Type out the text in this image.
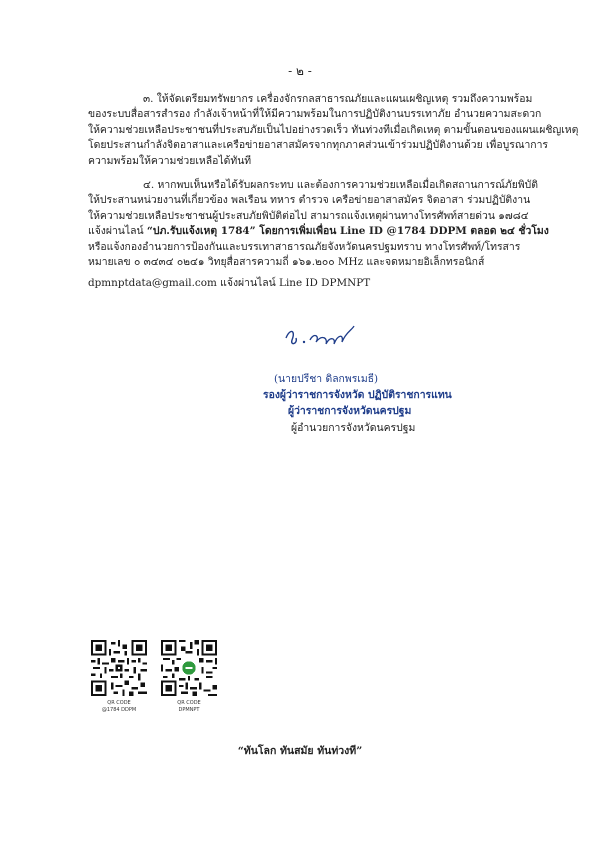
- ๒ -
๓. ให้จัดเตรียมทรัพยากร เครื่องจักรกลสาธารณภัยและแผนเผชิญเหตุ รวมถึงความพร้อม
ของระบบสื่อสารสำรอง กำลังเจ้าหน้าที่ให้มีความพร้อมในการปฏิบัติงานบรรเทาภัย อำนวยความสะดวก
ให้ความช่วยเหลือประชาชนที่ประสบภัยเป็นไปอย่างรวดเร็ว ทันท่วงทีเมื่อเกิดเหตุ ตามขั้นตอนของแผนเผชิญเหตุ
โดยประสานกำลังจิตอาสาและเครือข่ายอาสาสมัครจากทุกภาคส่วนเข้าร่วมปฏิบัติงานด้วย เพื่อบูรณาการ
ความพร้อมให้ความช่วยเหลือได้ทันที
๔. หากพบเห็นหรือได้รับผลกระทบ และต้องการความช่วยเหลือเมื่อเกิดสถานการณ์ภัยพิบัติ
ให้ประสานหน่วยงานที่เกี่ยวข้อง พลเรือน ทหาร ตำรวจ เครือข่ายอาสาสมัคร จิตอาสา ร่วมปฏิบัติงาน
ให้ความช่วยเหลือประชาชนผู้ประสบภัยพิบัติต่อไป สามารถแจ้งเหตุผ่านทางโทรศัพท์สายด่วน ๑๗๘๔
แจ้งผ่านไลน์ “ปภ.รับแจ้งเหตุ 1784” โดยการเพิ่มเพื่อน Line ID @1784 DDPM ตลอด ๒๔ ชั่วโมง
หรือแจ้งกองอำนวยการป้องกันและบรรเทาสาธารณภัยจังหวัดนครปฐมทราบ ทางโทรศัพท์/โทรสาร
หมายเลข ๐ ๓๔๓๔ ๐๒๔๑ วิทยุสื่อสารความถี่ ๑๖๑.๒๐๐ MHz และจดหมายอิเล็กทรอนิกส์
dpmnptdata@gmail.com แจ้งผ่านไลน์ Line ID DPMNPT
(นายปรีชา ดิลกพรเมธี)
รองผู้ว่าราชการจังหวัด ปฏิบัติราชการแทน
ผู้ว่าราชการจังหวัดนครปฐม
ผู้อำนวยการจังหวัดนครปฐม
QR CODE
@1784 DDPM
QR CODE
DPMNPT
“ทันโลก ทันสมัย ทันท่วงที”
